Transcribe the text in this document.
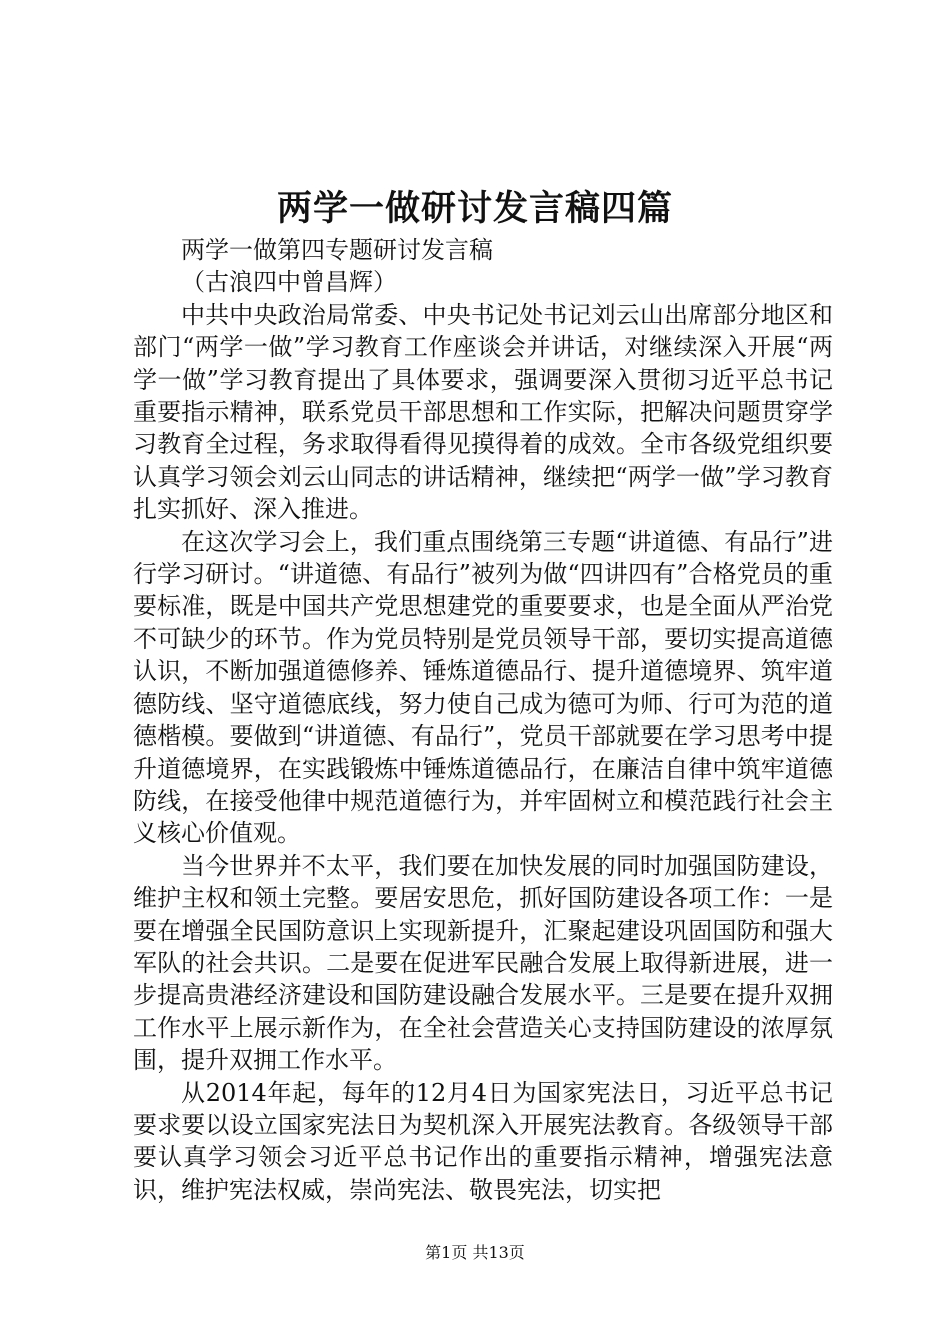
两学一做研讨发言稿四篇

两学一做第四专题研讨发言稿

（古浪四中曾昌辉）

中共中央政治局常委、中央书记处书记刘云山出席部分地区和部门“两学一做”学习教育工作座谈会并讲话，对继续深入开展“两学一做”学习教育提出了具体要求，强调要深入贯彻习近平总书记重要指示精神，联系党员干部思想和工作实际，把解决问题贯穿学习教育全过程，务求取得看得见摸得着的成效。全市各级党组织要认真学习领会刘云山同志的讲话精神，继续把“两学一做”学习教育扎实抓好、深入推进。

在这次学习会上，我们重点围绕第三专题“讲道德、有品行”进行学习研讨。“讲道德、有品行”被列为做“四讲四有”合格党员的重要标准，既是中国共产党思想建党的重要要求，也是全面从严治党不可缺少的环节。作为党员特别是党员领导干部，要切实提高道德认识，不断加强道德修养、锤炼道德品行、提升道德境界、筑牢道德防线、坚守道德底线，努力使自己成为德可为师、行可为范的道德楷模。要做到“讲道德、有品行”，党员干部就要在学习思考中提升道德境界，在实践锻炼中锤炼道德品行，在廉洁自律中筑牢道德防线，在接受他律中规范道德行为，并牢固树立和模范践行社会主义核心价值观。

当今世界并不太平，我们要在加快发展的同时加强国防建设，维护主权和领土完整。要居安思危，抓好国防建设各项工作：一是要在增强全民国防意识上实现新提升，汇聚起建设巩固国防和强大军队的社会共识。二是要在促进军民融合发展上取得新进展，进一步提高贵港经济建设和国防建设融合发展水平。三是要在提升双拥工作水平上展示新作为，在全社会营造关心支持国防建设的浓厚氛围，提升双拥工作水平。

从2014年起，每年的12月4日为国家宪法日，习近平总书记要求要以设立国家宪法日为契机深入开展宪法教育。各级领导干部要认真学习领会习近平总书记作出的重要指示精神，增强宪法意识，维护宪法权威，崇尚宪法、敬畏宪法，切实把

第1页 共13页
